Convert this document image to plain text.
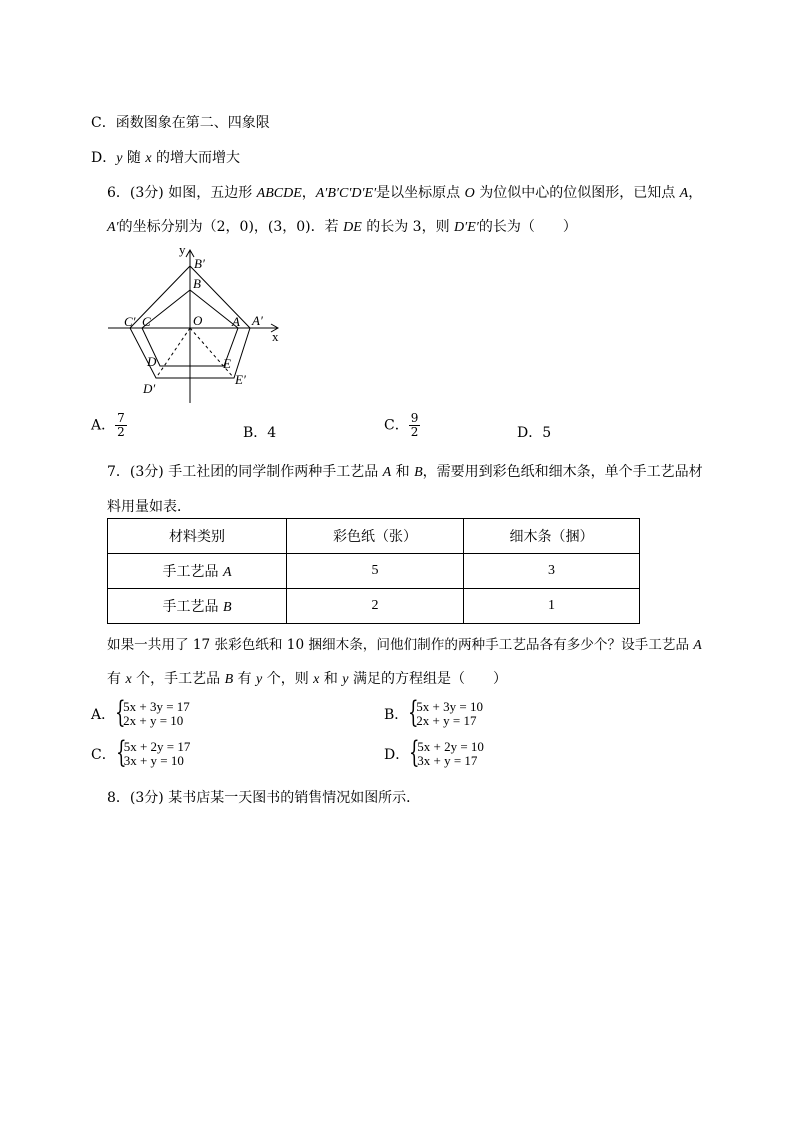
C．函数图象在第二、四象限
D．y 随 x 的增大而增大
6．(3分) 如图，五边形 ABCDE，A′B′C′D′E′是以坐标原点 O 为位似中心的位似图形，已知点 A，
A′的坐标分别为（2，0)，(3，0)．若 DE 的长为 3，则 D′E′的长为（　　）
y
x
O
B′
B
C′ C	A A′
D	E
D′
E′
A． $\frac{7}{2}$	B．4	C． $\frac{9}{2}$	D．5
7．(3分) 手工社团的同学制作两种手工艺品 A 和 B，需要用到彩色纸和细木条，单个手工艺品材
料用量如表．
材料类别	彩色纸（张）	细木条（捆）
手工艺品 A	5	3
手工艺品 B	2	1
如果一共用了 17 张彩色纸和 10 捆细木条，问他们制作的两种手工艺品各有多少个？设手工艺品 A
有 x 个，手工艺品 B 有 y 个，则 x 和 y 满足的方程组是（　　）
A． {
5x + 3y = 17
2x + y = 10	B． {
5x + 3y = 10
2x + y = 17
C． {
5x + 2y = 17
3x + y = 10	D． {
5x + 2y = 10
3x + y = 17
8．(3分) 某书店某一天图书的销售情况如图所示．
